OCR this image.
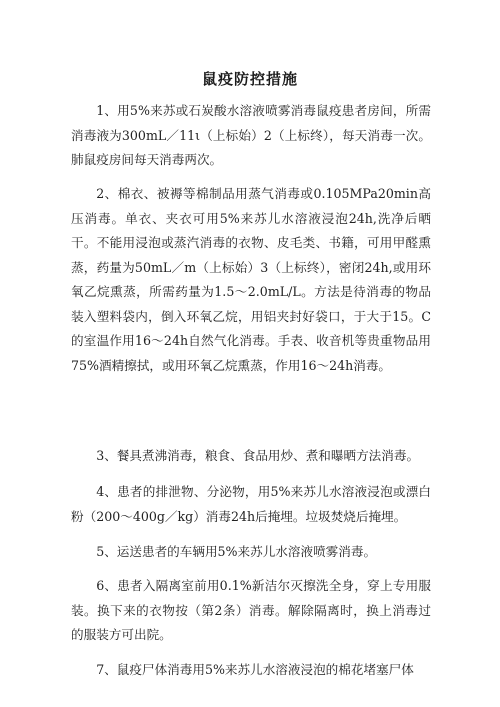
鼠疫防控措施

1、用5%来苏或石炭酸水溶液喷雾消毒鼠疫患者房间，所需消毒液为300mL／11ι（上标始）2（上标终），每天消毒一次。肺鼠疫房间每天消毒两次。

2、棉衣、被褥等棉制品用蒸气消毒或0.105MPa20min高压消毒。单衣、夹衣可用5%来苏儿水溶液浸泡24h,洗净后晒干。不能用浸泡或蒸汽消毒的衣物、皮毛类、书籍，可用甲醛熏蒸，药量为50mL／m（上标始）3（上标终），密闭24h,或用环氧乙烷熏蒸，所需药量为1.5～2.0mL/L。方法是待消毒的物品装入塑料袋内，倒入环氧乙烷，用铝夹封好袋口，于大于15。C的室温作用16～24h自然气化消毒。手表、收音机等贵重物品用75%酒精擦拭，或用环氧乙烷熏蒸，作用16～24h消毒。

3、餐具煮沸消毒，粮食、食品用炒、煮和曝晒方法消毒。

4、患者的排泄物、分泌物，用5%来苏儿水溶液浸泡或漂白粉（200～400g／kg）消毒24h后掩埋。垃圾焚烧后掩埋。

5、运送患者的车辆用5%来苏儿水溶液喷雾消毒。

6、患者入隔离室前用0.1%新洁尔灭擦洗全身，穿上专用服装。换下来的衣物按（第2条）消毒。解除隔离时，换上消毒过的服装方可出院。

7、鼠疫尸体消毒用5%来苏儿水溶液浸泡的棉花堵塞尸体
